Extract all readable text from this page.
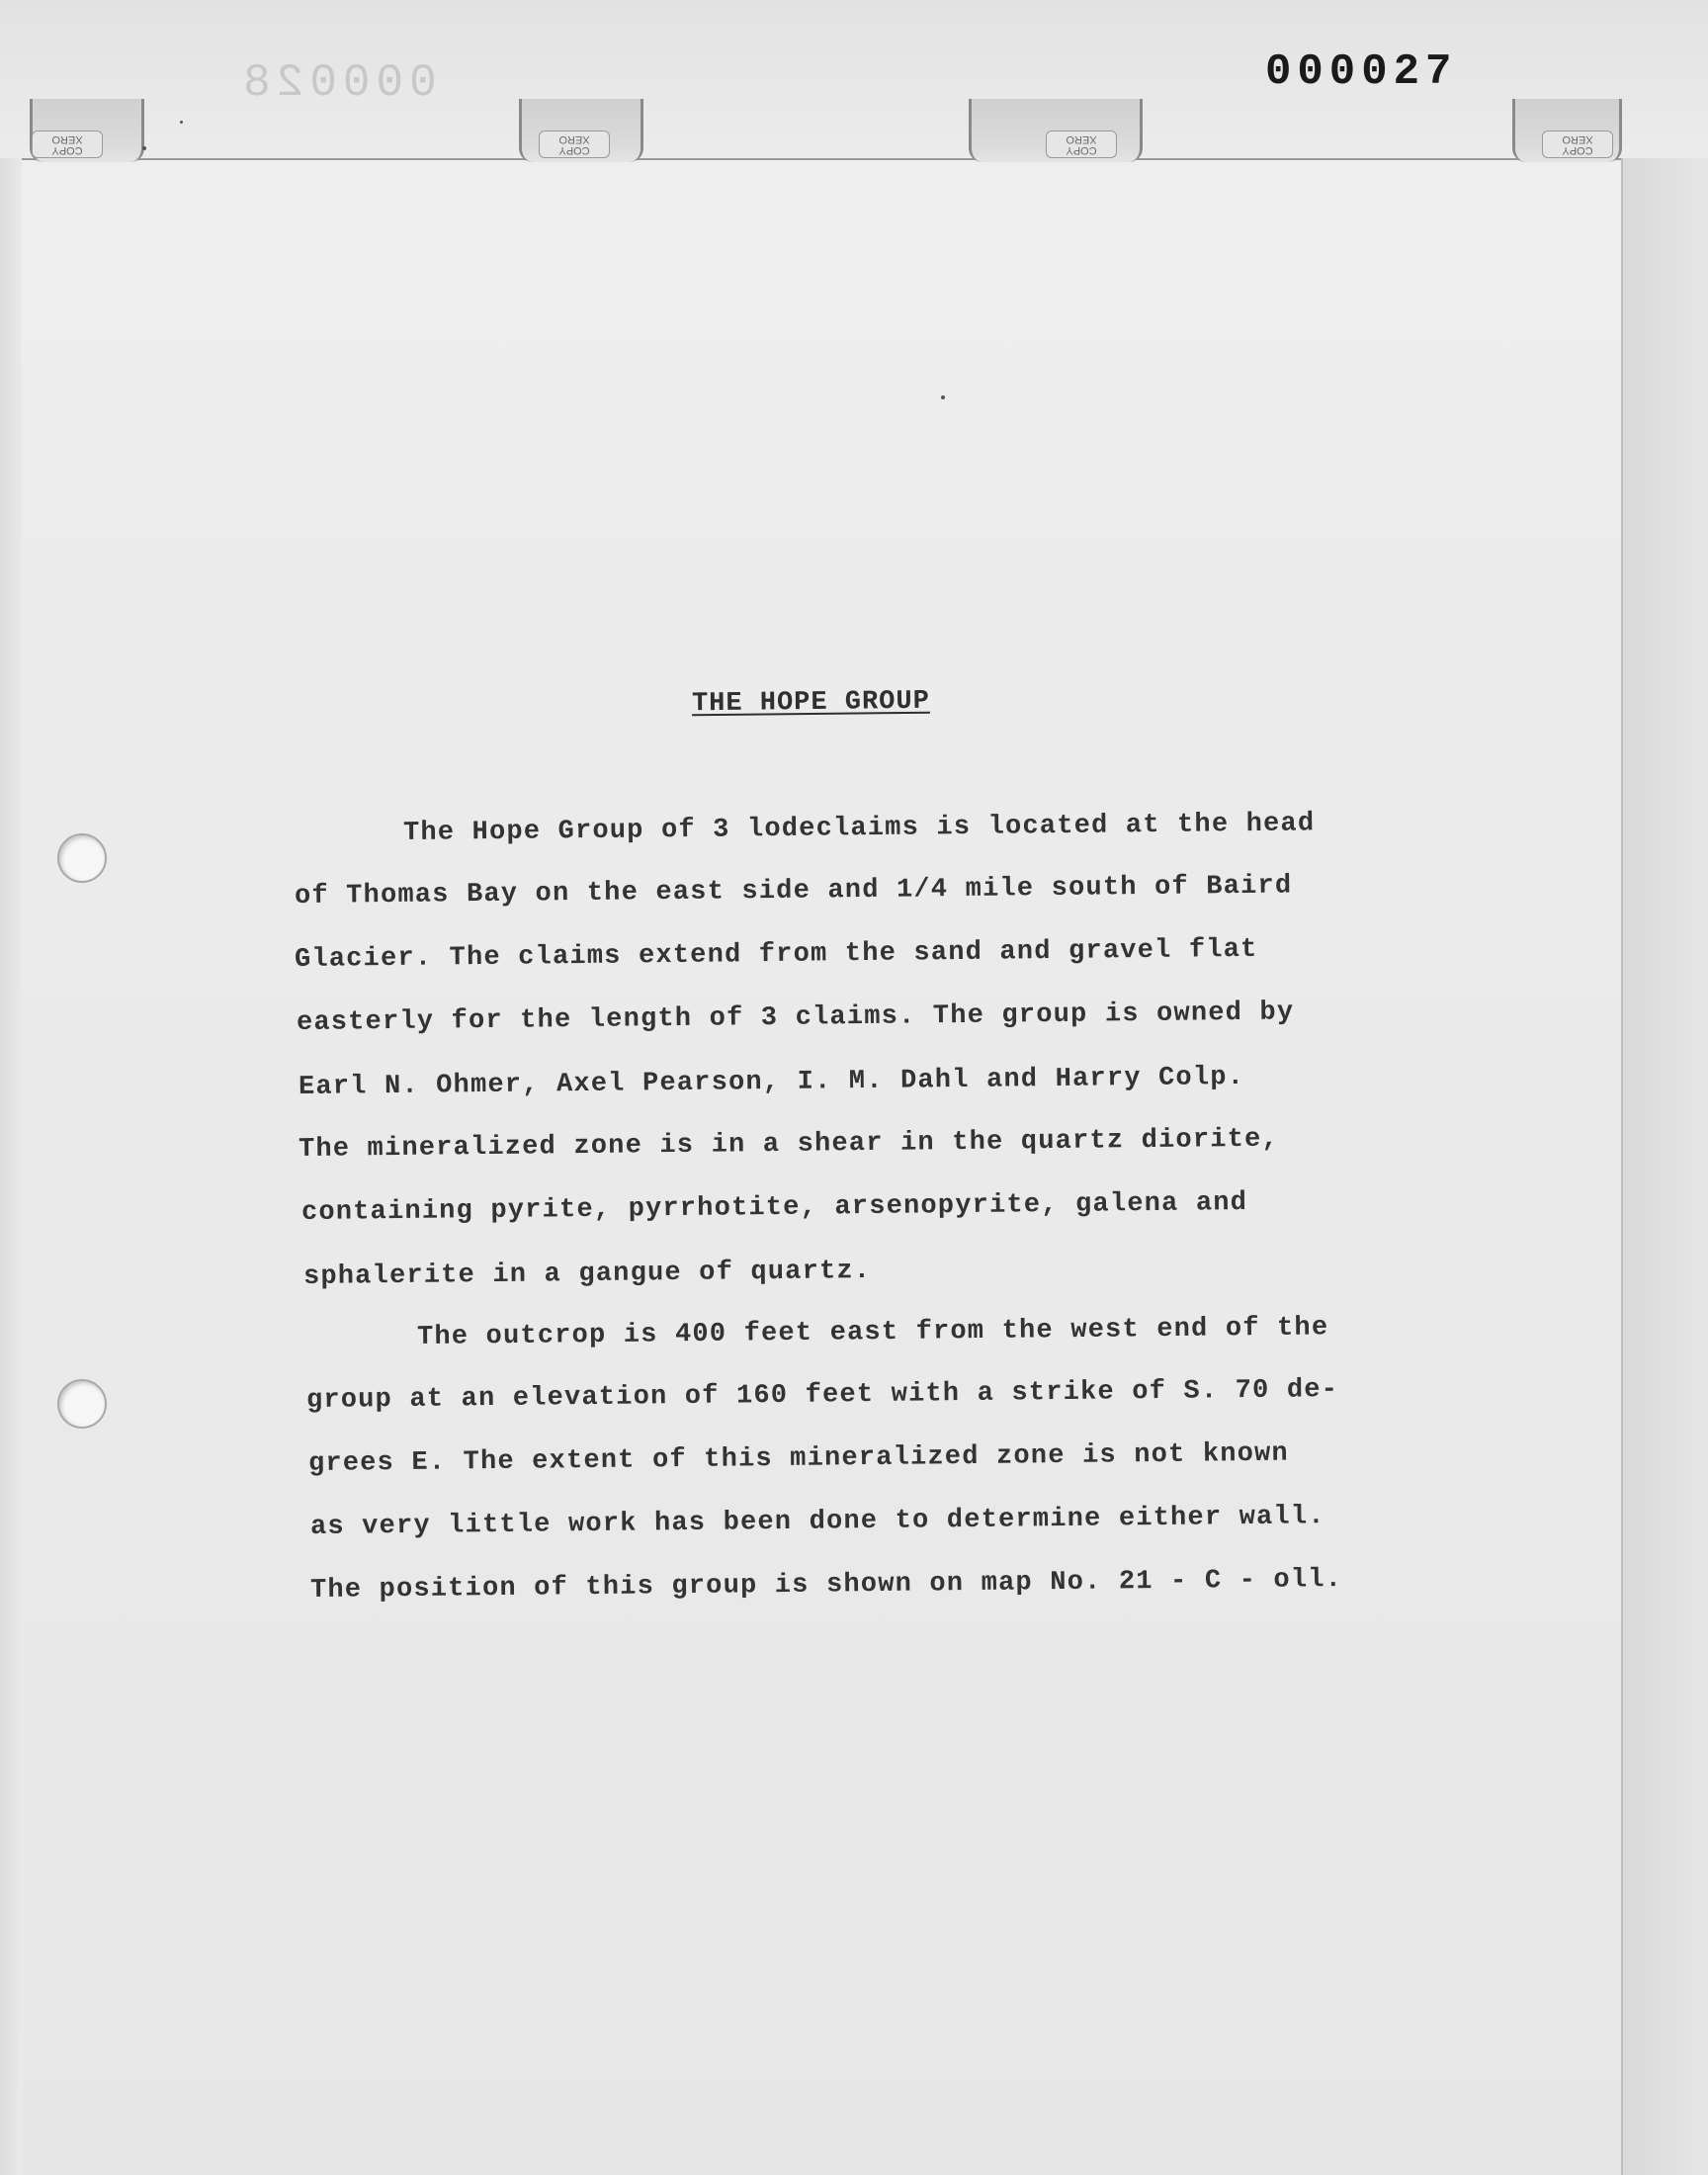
000028	000027
COPY
XERO
COPY
XERO
COPY
XERO
COPY
XERO
THE HOPE GROUP
The Hope Group of 3 lodeclaims is located at the head
of Thomas Bay on the east side and 1/4 mile south of Baird
Glacier. The claims extend from the sand and gravel flat
easterly for the length of 3 claims. The group is owned by
Earl N. Ohmer, Axel Pearson, I. M. Dahl and Harry Colp.
The mineralized zone is in a shear in the quartz diorite,
containing pyrite, pyrrhotite, arsenopyrite, galena and
sphalerite in a gangue of quartz.
The outcrop is 400 feet east from the west end of the
group at an elevation of 160 feet with a strike of S. 70 de-
grees E. The extent of this mineralized zone is not known
as very little work has been done to determine either wall.
The position of this group is shown on map No. 21 - C - oll.
